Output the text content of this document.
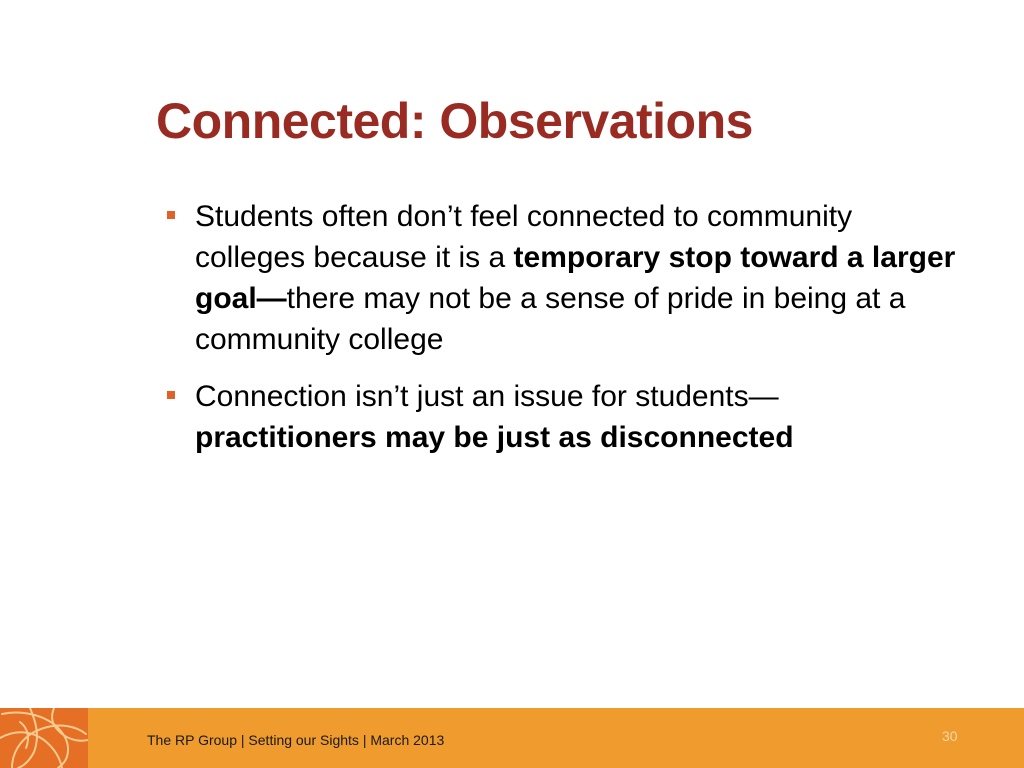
Connected: Observations
Students often don’t feel connected to community colleges because it is a temporary stop toward a larger goal—there may not be a sense of pride in being at a community college
Connection isn’t just an issue for students—
practitioners may be just as disconnected
The RP Group | Setting our Sights | March 2013	30
